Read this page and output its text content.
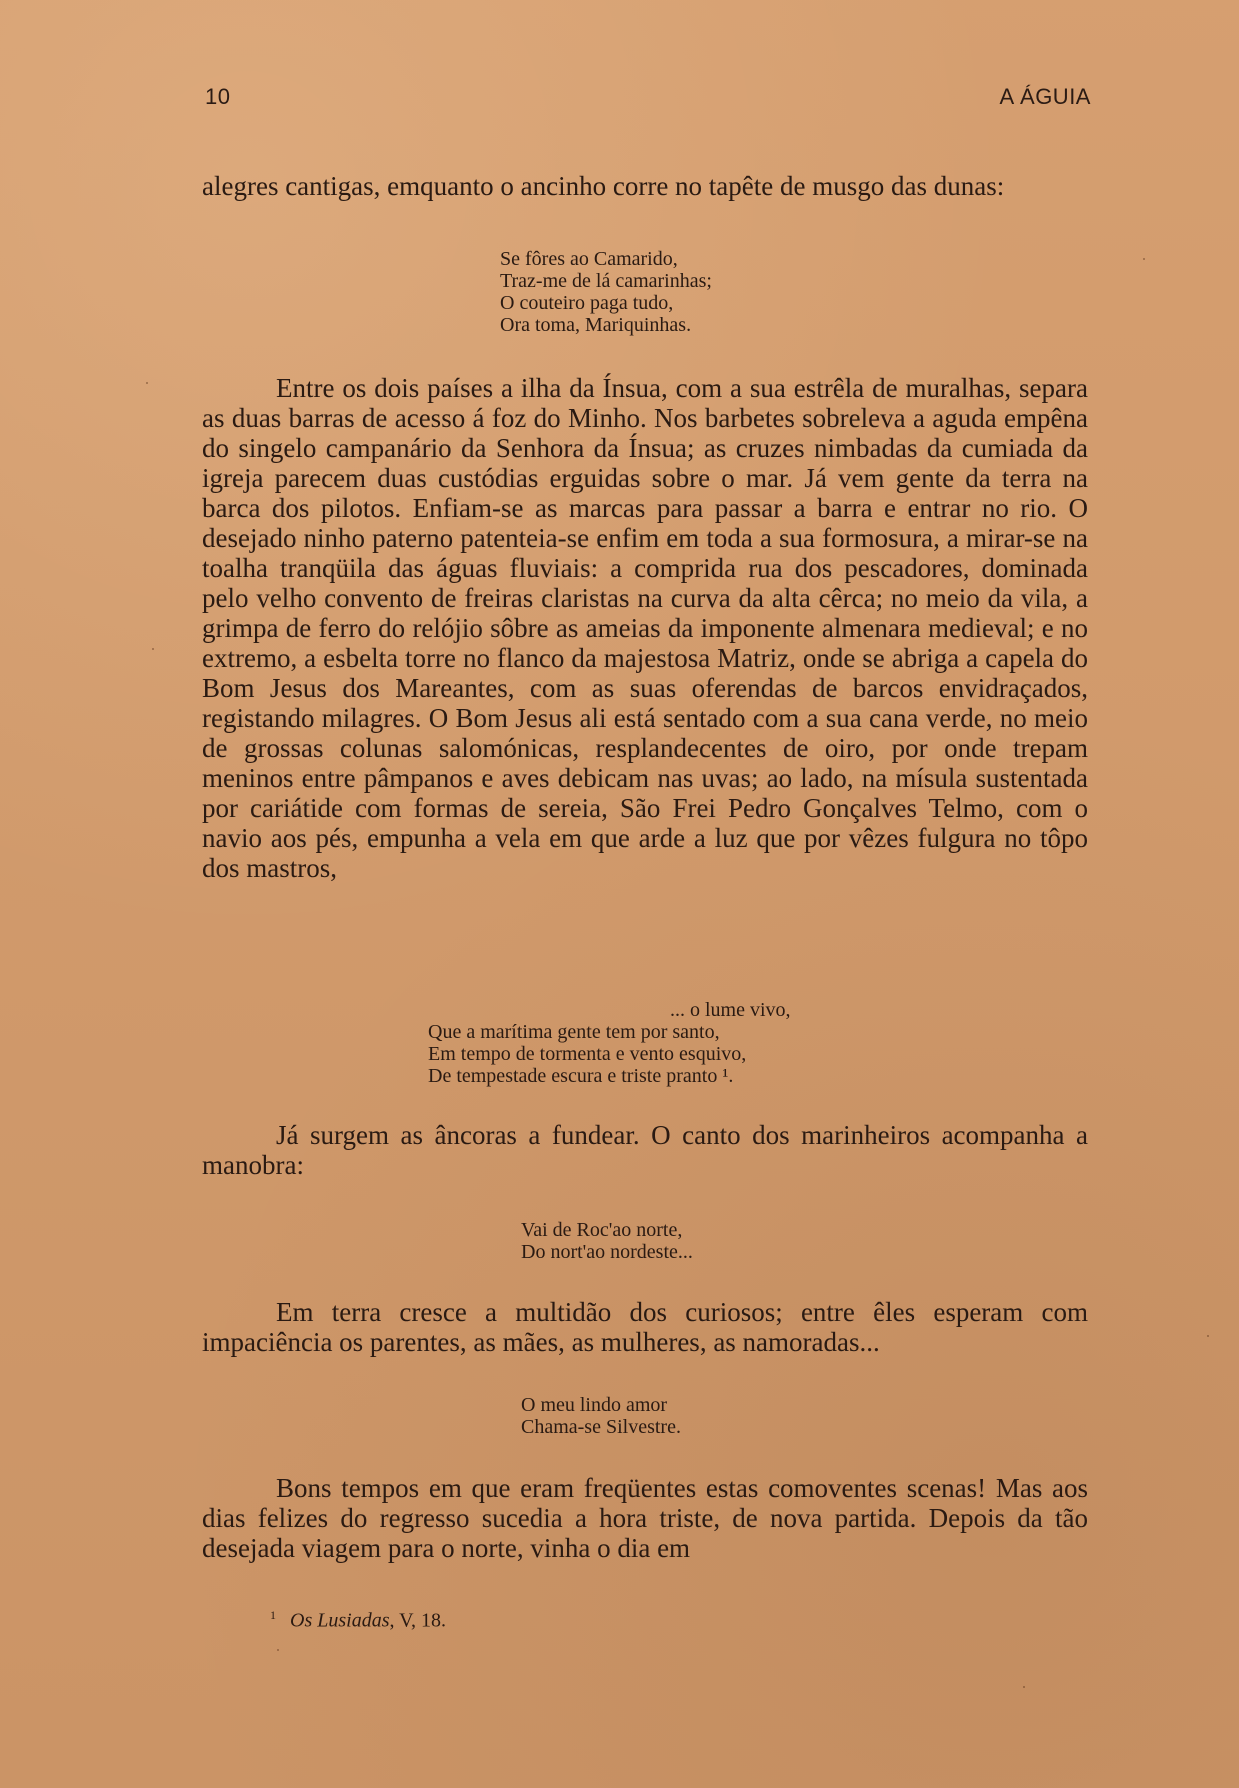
10	A ÁGUIA

alegres cantigas, emquanto o ancinho corre no tapête de musgo das dunas:

Se fôres ao Camarido,
Traz-me de lá camarinhas;
O couteiro paga tudo,
Ora toma, Mariquinhas.

Entre os dois países a ilha da Ínsua, com a sua estrêla de muralhas, separa as duas barras de acesso á foz do Minho. Nos barbetes sobreleva a aguda empêna do singelo campanário da Senhora da Ínsua; as cruzes nimbadas da cumiada da igreja parecem duas custódias erguidas sobre o mar. Já vem gente da terra na barca dos pilotos. Enfiam-se as marcas para passar a barra e entrar no rio. O desejado ninho paterno patenteia-se enfim em toda a sua formosura, a mirar-se na toalha tranqüila das águas fluviais: a comprida rua dos pescadores, dominada pelo velho convento de freiras claristas na curva da alta cêrca; no meio da vila, a grimpa de ferro do relójio sôbre as ameias da imponente almenara medieval; e no extremo, a esbelta torre no flanco da majestosa Matriz, onde se abriga a capela do Bom Jesus dos Mareantes, com as suas oferendas de barcos envidraçados, registando milagres. O Bom Jesus ali está sentado com a sua cana verde, no meio de grossas colunas salomónicas, resplandecentes de oiro, por onde trepam meninos entre pâmpanos e aves debicam nas uvas; ao lado, na mísula sustentada por cariátide com formas de sereia, São Frei Pedro Gonçalves Telmo, com o navio aos pés, empunha a vela em que arde a luz que por vêzes fulgura no tôpo dos mastros,

... o lume vivo,
Que a marítima gente tem por santo,
Em tempo de tormenta e vento esquivo,
De tempestade escura e triste pranto ¹.

Já surgem as âncoras a fundear. O canto dos marinheiros acompanha a manobra:

Vai de Roc'ao norte,
Do nort'ao nordeste...

Em terra cresce a multidão dos curiosos; entre êles esperam com impaciência os parentes, as mães, as mulheres, as namoradas...

O meu lindo amor
Chama-se Silvestre.

Bons tempos em que eram freqüentes estas comoventes scenas! Mas aos dias felizes do regresso sucedia a hora triste, de nova partida. Depois da tão desejada viagem para o norte, vinha o dia em

$^1$ Os Lusiadas, V, 18.
